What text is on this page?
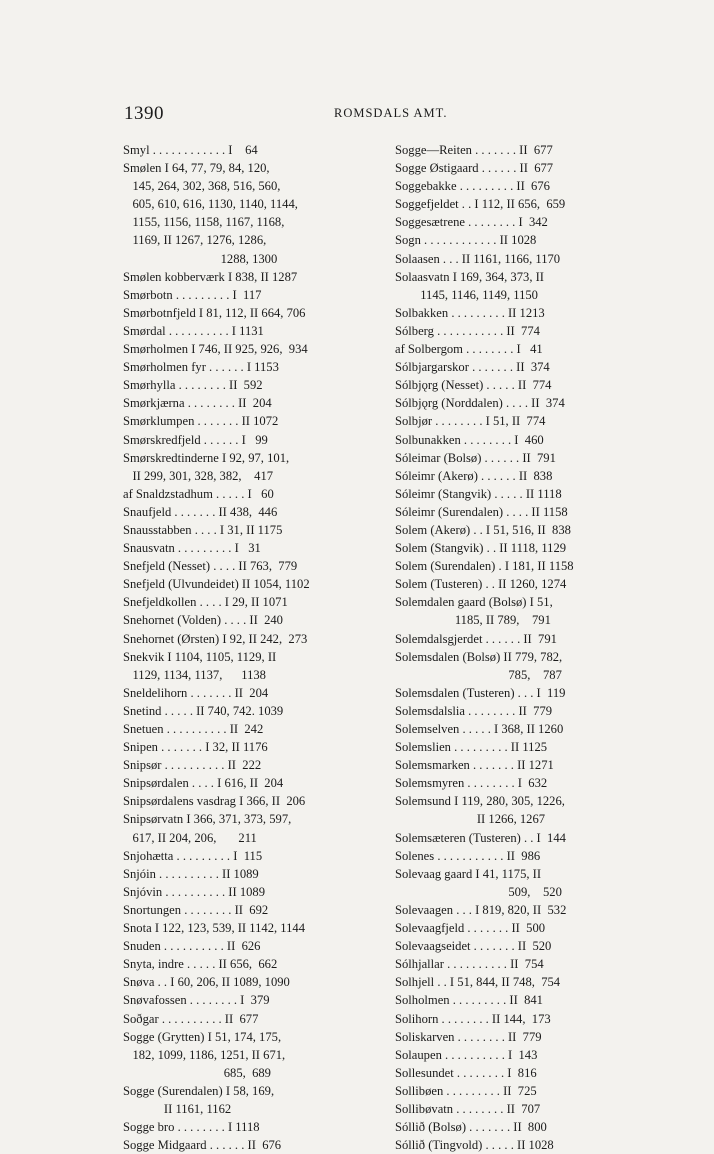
1390	ROMSDALS AMT.
Smyl . . . . . . . . . . . . I    64
Smølen I 64, 77, 79, 84, 120,
145, 264, 302, 368, 516, 560,
605, 610, 616, 1130, 1140, 1144,
1155, 1156, 1158, 1167, 1168,
1169, II 1267, 1276, 1286,
1288, 1300
Smølen kobberværk I 838, II 1287
Smørbotn . . . . . . . . . I  117
Smørbotnfjeld I 81, 112, II 664, 706
Smørdal . . . . . . . . . . I 1131
Smørholmen I 746, II 925, 926,  934
Smørholmen fyr . . . . . . I 1153
Smørhylla . . . . . . . . II  592
Smørkjærna . . . . . . . . II  204
Smørklumpen . . . . . . . II 1072
Smørskredfjeld . . . . . . I   99
Smørskredtinderne I 92, 97, 101,
II 299, 301, 328, 382,    417
af Snaldzstadhum . . . . . I   60
Snaufjeld . . . . . . . II 438,  446
Snausstabben . . . . I 31, II 1175
Snausvatn . . . . . . . . . I   31
Snefjeld (Nesset) . . . . II 763,  779
Snefjeld (Ulvundeidet) II 1054, 1102
Snefjeldkollen . . . . I 29, II 1071
Snehornet (Volden) . . . . II  240
Snehornet (Ørsten) I 92, II 242,  273
Snekvik I 1104, 1105, 1129, II
1129, 1134, 1137,      1138
Sneldelihorn . . . . . . . II  204
Snetind . . . . . II 740, 742. 1039
Snetuen . . . . . . . . . . II  242
Snipen . . . . . . . I 32, II 1176
Snipsør . . . . . . . . . . II  222
Snipsørdalen . . . . I 616, II  204
Snipsørdalens vasdrag I 366, II  206
Snipsørvatn I 366, 371, 373, 597,
617, II 204, 206,       211
Snjohætta . . . . . . . . . I  115
Snjóin . . . . . . . . . . II 1089
Snjóvin . . . . . . . . . . II 1089
Snortungen . . . . . . . . II  692
Snota I 122, 123, 539, II 1142, 1144
Snuden . . . . . . . . . . II  626
Snyta, indre . . . . . II 656,  662
Snøva . . I 60, 206, II 1089, 1090
Snøvafossen . . . . . . . . I  379
Soðgar . . . . . . . . . . II  677
Sogge (Grytten) I 51, 174, 175,
182, 1099, 1186, 1251, II 671,
685,  689
Sogge (Surendalen) I 58, 169,
II 1161, 1162
Sogge bro . . . . . . . . I 1118
Sogge Midgaard . . . . . . II  676
Sogge—Reiten . . . . . . . II  677
Sogge Østigaard . . . . . . II  677
Soggebakke . . . . . . . . . II  676
Soggefjeldet . . I 112, II 656,  659
Soggesætrene . . . . . . . . I  342
Sogn . . . . . . . . . . . . II 1028
Solaasen . . . II 1161, 1166, 1170
Solaasvatn I 169, 364, 373, II
1145, 1146, 1149, 1150
Solbakken . . . . . . . . . II 1213
Sólberg . . . . . . . . . . . II  774
af Solbergom . . . . . . . . I   41
Sólbjargarskor . . . . . . . II  374
Sólbjǫrg (Nesset) . . . . . II  774
Sólbjǫrg (Norddalen) . . . . II  374
Solbjør . . . . . . . . I 51, II  774
Solbunakken . . . . . . . . I  460
Sóleimar (Bolsø) . . . . . . II  791
Sóleimr (Akerø) . . . . . . II  838
Sóleimr (Stangvik) . . . . . II 1118
Sóleimr (Surendalen) . . . . II 1158
Solem (Akerø) . . I 51, 516, II  838
Solem (Stangvik) . . II 1118, 1129
Solem (Surendalen) . I 181, II 1158
Solem (Tusteren) . . II 1260, 1274
Solemdalen gaard (Bolsø) I 51,
1185, II 789,    791
Solemdalsgjerdet . . . . . . II  791
Solemsdalen (Bolsø) II 779, 782,
785,    787
Solemsdalen (Tusteren) . . . I  119
Solemsdalslia . . . . . . . . II  779
Solemselven . . . . . I 368, II 1260
Solemslien . . . . . . . . . II 1125
Solemsmarken . . . . . . . II 1271
Solemsmyren . . . . . . . . I  632
Solemsund I 119, 280, 305, 1226,
II 1266, 1267
Solemsæteren (Tusteren) . . I  144
Solenes . . . . . . . . . . . II  986
Solevaag gaard I 41, 1175, II
509,    520
Solevaagen . . . I 819, 820, II  532
Solevaagfjeld . . . . . . . II  500
Solevaagseidet . . . . . . . II  520
Sólhjallar . . . . . . . . . . II  754
Solhjell . . I 51, 844, II 748,  754
Solholmen . . . . . . . . . II  841
Solihorn . . . . . . . . II 144,  173
Soliskarven . . . . . . . . II  779
Solaupen . . . . . . . . . . I  143
Sollesundet . . . . . . . . I  816
Sollibøen . . . . . . . . . II  725
Sollibøvatn . . . . . . . . II  707
Sóllið (Bolsø) . . . . . . . II  800
Sóllið (Tingvold) . . . . . II 1028
